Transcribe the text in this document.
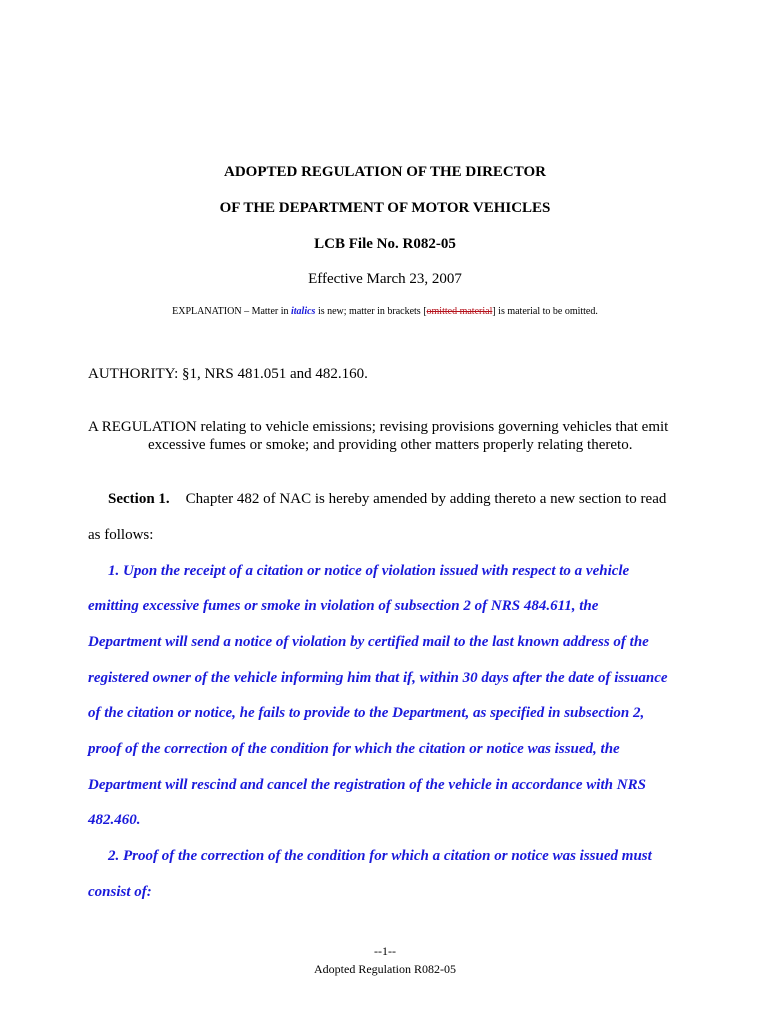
ADOPTED REGULATION OF THE DIRECTOR
OF THE DEPARTMENT OF MOTOR VEHICLES
LCB File No. R082-05
Effective March 23, 2007
EXPLANATION – Matter in italics is new; matter in brackets [omitted material] is material to be omitted.
AUTHORITY: §1, NRS 481.051 and 482.160.
A REGULATION relating to vehicle emissions; revising provisions governing vehicles that emit
excessive fumes or smoke; and providing other matters properly relating thereto.
Section 1. Chapter 482 of NAC is hereby amended by adding thereto a new section to read
as follows:
1. Upon the receipt of a citation or notice of violation issued with respect to a vehicle
emitting excessive fumes or smoke in violation of subsection 2 of NRS 484.611, the
Department will send a notice of violation by certified mail to the last known address of the
registered owner of the vehicle informing him that if, within 30 days after the date of issuance
of the citation or notice, he fails to provide to the Department, as specified in subsection 2,
proof of the correction of the condition for which the citation or notice was issued, the
Department will rescind and cancel the registration of the vehicle in accordance with NRS
482.460.
2. Proof of the correction of the condition for which a citation or notice was issued must
consist of:
--1--
Adopted Regulation R082-05
